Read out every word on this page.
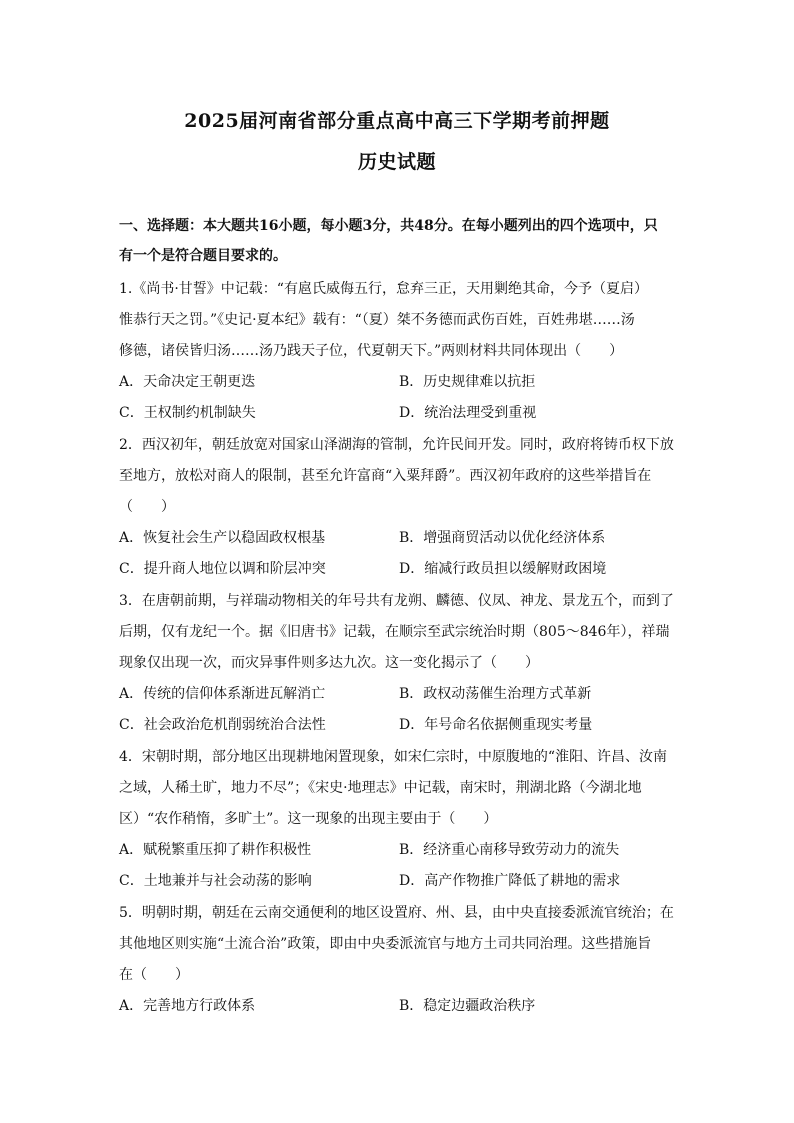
2025届河南省部分重点高中高三下学期考前押题
历史试题
一、选择题：本大题共16小题，每小题3分，共48分。在每小题列出的四个选项中，只
有一个是符合题目要求的。
1.《尚书·甘誓》中记载：“有扈氏威侮五行，怠弃三正，天用剿绝其命，今予（夏启）
惟恭行天之罚。”《史记·夏本纪》载有：“（夏）桀不务德而武伤百姓，百姓弗堪……汤
修德，诸侯皆归汤……汤乃践天子位，代夏朝天下。”两则材料共同体现出（　　）
A．天命决定王朝更迭	B．历史规律难以抗拒
C．王权制约机制缺失	D．统治法理受到重视
2．西汉初年，朝廷放宽对国家山泽湖海的管制，允许民间开发。同时，政府将铸币权下放
至地方，放松对商人的限制，甚至允许富商“入粟拜爵”。西汉初年政府的这些举措旨在
（　　）
A．恢复社会生产以稳固政权根基	B．增强商贸活动以优化经济体系
C．提升商人地位以调和阶层冲突	D．缩减行政员担以缓解财政困境
3．在唐朝前期，与祥瑞动物相关的年号共有龙朔、麟德、仪凤、神龙、景龙五个，而到了
后期，仅有龙纪一个。据《旧唐书》记载，在顺宗至武宗统治时期（805～846年），祥瑞
现象仅出现一次，而灾异事件则多达九次。这一变化揭示了（　　）
A．传统的信仰体系渐进瓦解消亡	B．政权动荡催生治理方式革新
C．社会政治危机削弱统治合法性	D．年号命名依据侧重现实考量
4．宋朝时期，部分地区出现耕地闲置现象，如宋仁宗时，中原腹地的“淮阳、许昌、汝南
之域，人稀土旷，地力不尽”；《宋史·地理志》中记载，南宋时，荆湖北路（今湖北地
区）“农作稍惰，多旷土”。这一现象的出现主要由于（　　）
A．赋税繁重压抑了耕作积极性	B．经济重心南移导致劳动力的流失
C．土地兼并与社会动荡的影响	D．高产作物推广降低了耕地的需求
5．明朝时期，朝廷在云南交通便利的地区设置府、州、县，由中央直接委派流官统治；在
其他地区则实施“土流合治”政策，即由中央委派流官与地方土司共同治理。这些措施旨
在（　　）
A．完善地方行政体系	B．稳定边疆政治秩序
